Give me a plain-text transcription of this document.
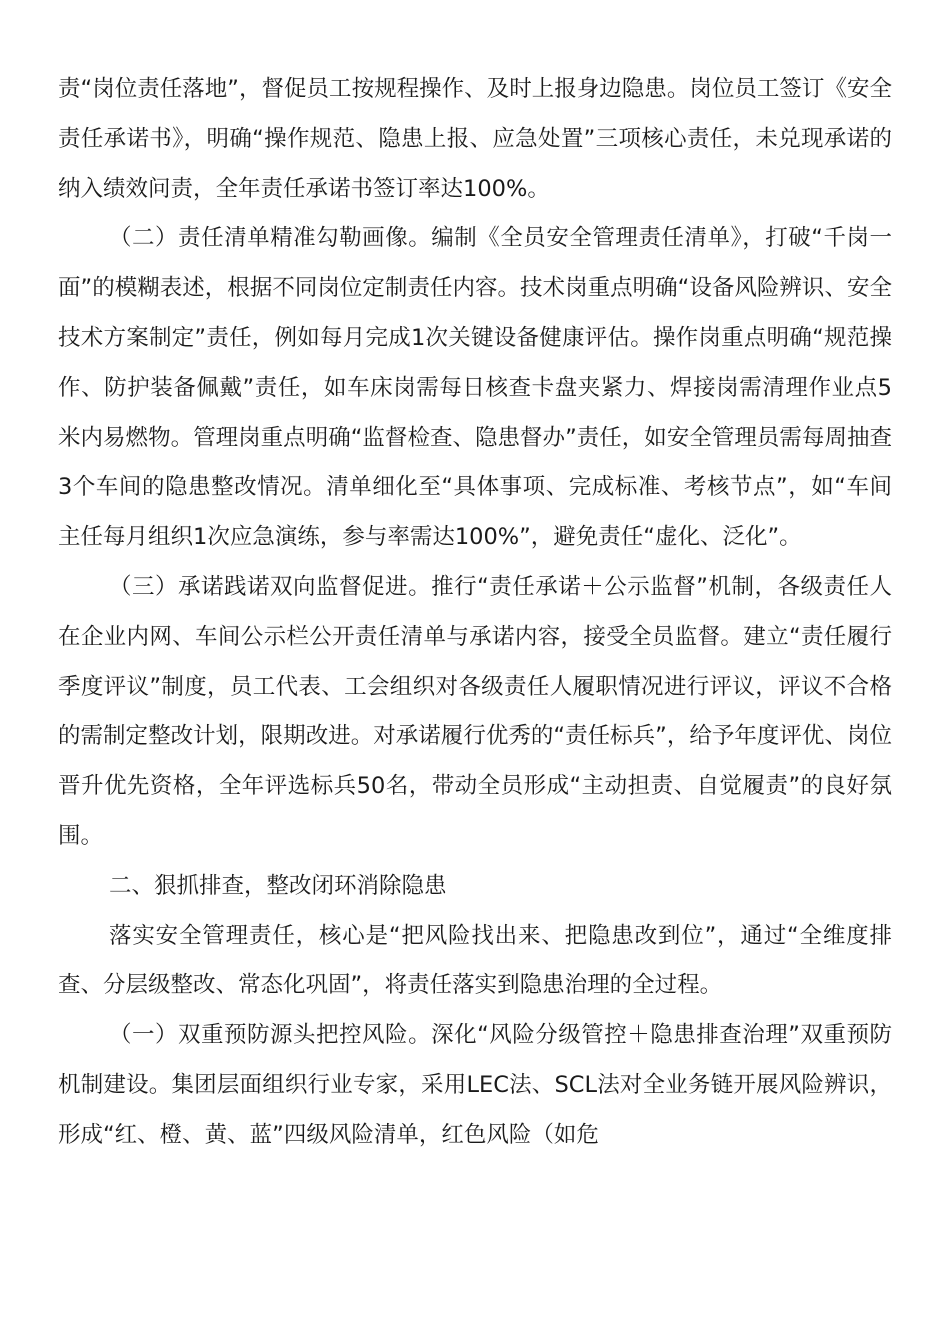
责“岗位责任落地”，督促员工按规程操作、及时上报身边隐患。岗位员工签订《安全责任承诺书》，明确“操作规范、隐患上报、应急处置”三项核心责任，未兑现承诺的纳入绩效问责，全年责任承诺书签订率达100%。

（二）责任清单精准勾勒画像。编制《全员安全管理责任清单》，打破“千岗一面”的模糊表述，根据不同岗位定制责任内容。技术岗重点明确“设备风险辨识、安全技术方案制定”责任，例如每月完成1次关键设备健康评估。操作岗重点明确“规范操作、防护装备佩戴”责任，如车床岗需每日核查卡盘夹紧力、焊接岗需清理作业点5米内易燃物。管理岗重点明确“监督检查、隐患督办”责任，如安全管理员需每周抽查3个车间的隐患整改情况。清单细化至“具体事项、完成标准、考核节点”，如“车间主任每月组织1次应急演练，参与率需达100%”，避免责任“虚化、泛化”。

（三）承诺践诺双向监督促进。推行“责任承诺＋公示监督”机制，各级责任人在企业内网、车间公示栏公开责任清单与承诺内容，接受全员监督。建立“责任履行季度评议”制度，员工代表、工会组织对各级责任人履职情况进行评议，评议不合格的需制定整改计划，限期改进。对承诺履行优秀的“责任标兵”，给予年度评优、岗位晋升优先资格，全年评选标兵50名，带动全员形成“主动担责、自觉履责”的良好氛围。

二、狠抓排查，整改闭环消除隐患

落实安全管理责任，核心是“把风险找出来、把隐患改到位”，通过“全维度排查、分层级整改、常态化巩固”，将责任落实到隐患治理的全过程。

（一）双重预防源头把控风险。深化“风险分级管控＋隐患排查治理”双重预防机制建设。集团层面组织行业专家，采用LEC法、SCL法对全业务链开展风险辨识，形成“红、橙、黄、蓝”四级风险清单，红色风险（如危
